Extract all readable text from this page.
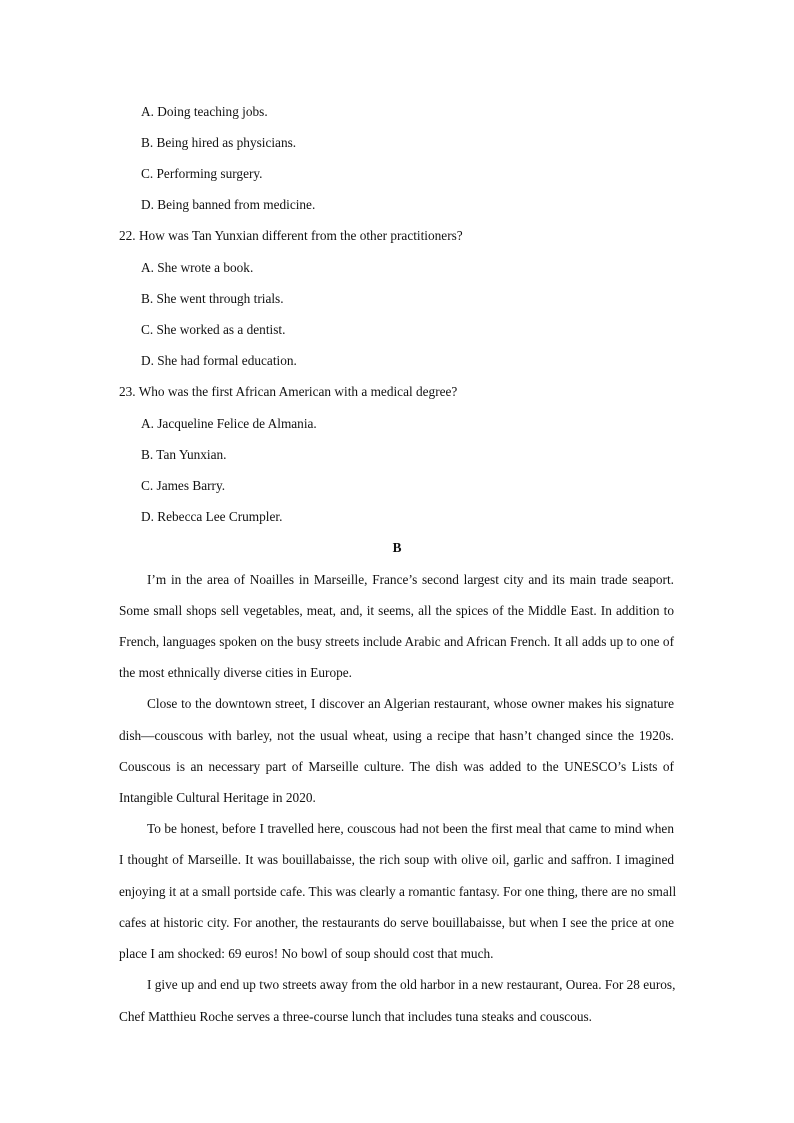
A. Doing teaching jobs.
B. Being hired as physicians.
C. Performing surgery.
D. Being banned from medicine.
22. How was Tan Yunxian different from the other practitioners?
A. She wrote a book.
B. She went through trials.
C. She worked as a dentist.
D. She had formal education.
23. Who was the first African American with a medical degree?
A. Jacqueline Felice de Almania.
B. Tan Yunxian.
C. James Barry.
D. Rebecca Lee Crumpler.
B
I’m in the area of Noailles in Marseille, France’s second largest city and its main trade seaport.
Some small shops sell vegetables, meat, and, it seems, all the spices of the Middle East. In addition to
French, languages spoken on the busy streets include Arabic and African French. It all adds up to one of
the most ethnically diverse cities in Europe.
Close to the downtown street, I discover an Algerian restaurant, whose owner makes his signature
dish—couscous with barley, not the usual wheat, using a recipe that hasn’t changed since the 1920s.
Couscous is an necessary part of Marseille culture. The dish was added to the UNESCO’s Lists of
Intangible Cultural Heritage in 2020.
To be honest, before I travelled here, couscous had not been the first meal that came to mind when
I thought of Marseille. It was bouillabaisse, the rich soup with olive oil, garlic and saffron. I imagined
enjoying it at a small portside cafe. This was clearly a romantic fantasy. For one thing, there are no small
cafes at historic city. For another, the restaurants do serve bouillabaisse, but when I see the price at one
place I am shocked: 69 euros! No bowl of soup should cost that much.
I give up and end up two streets away from the old harbor in a new restaurant, Ourea. For 28 euros,
Chef Matthieu Roche serves a three-course lunch that includes tuna steaks and couscous.
